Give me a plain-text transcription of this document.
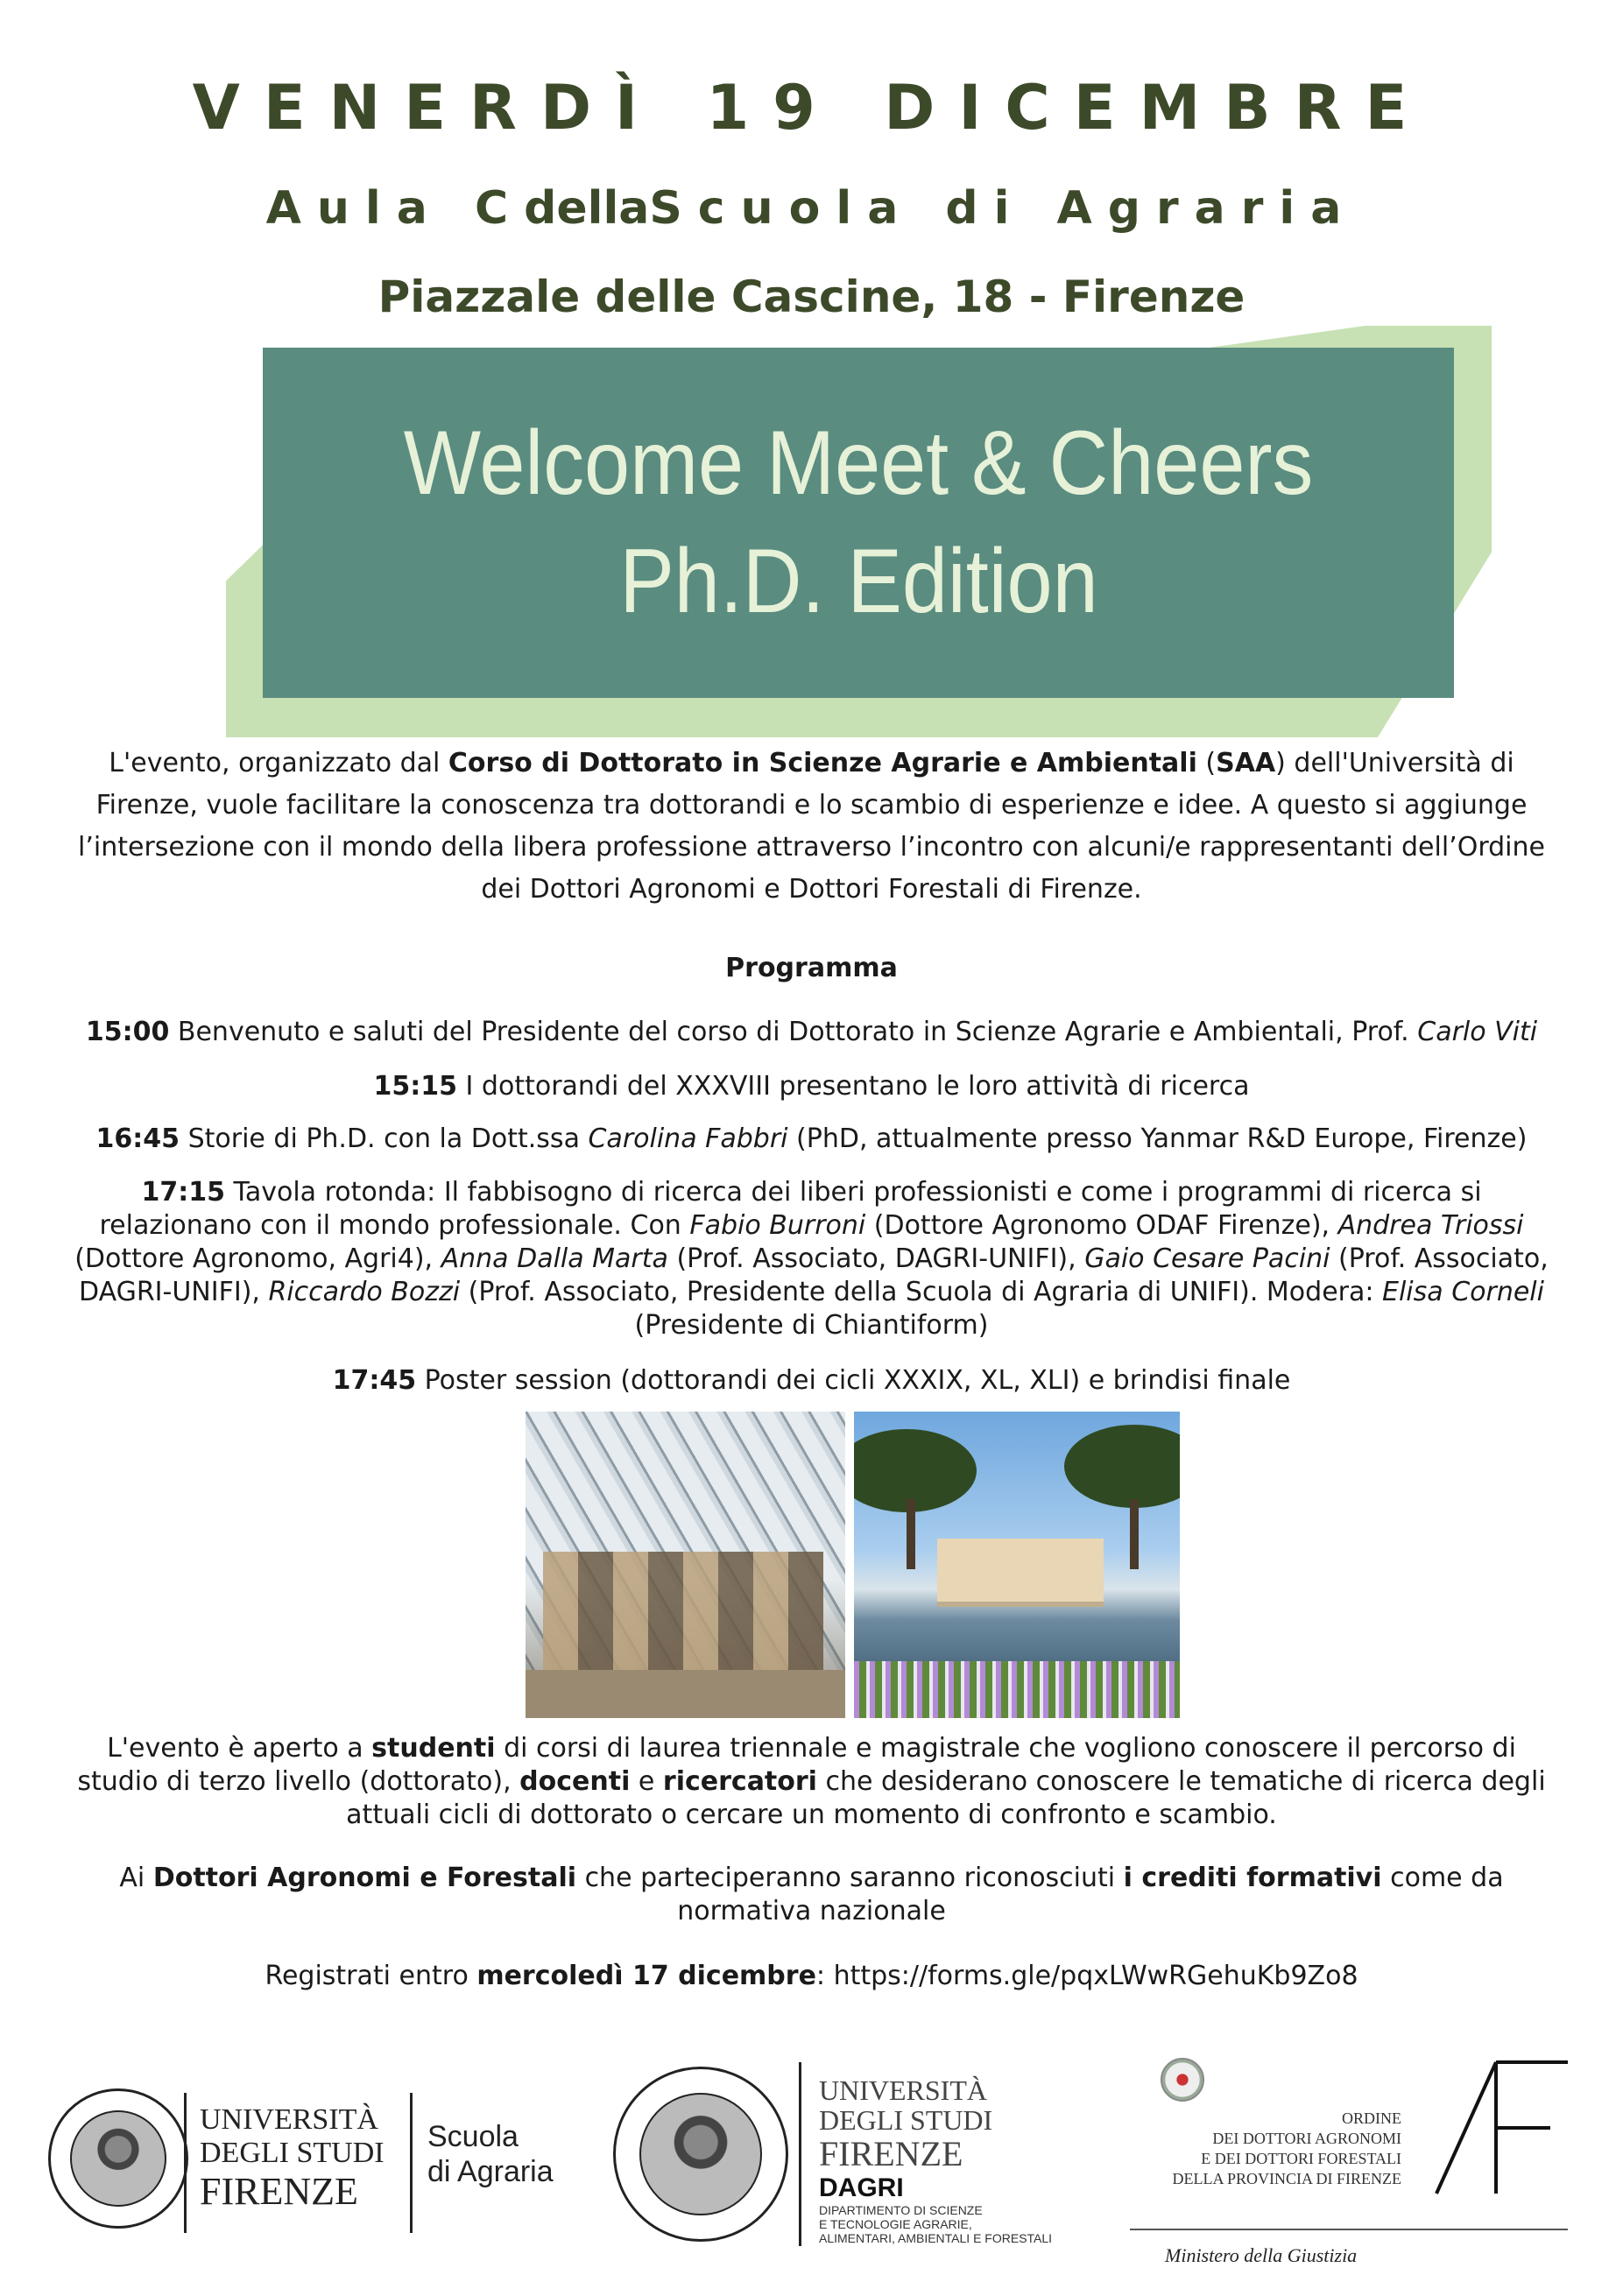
VENERDÌ 19 DICEMBRE
Aula CdellaScuola di Agraria
Piazzale delle Cascine, 18 - Firenze
Welcome Meet & Cheers
Ph.D. Edition
L'evento, organizzato dal Corso di Dottorato in Scienze Agrarie e Ambientali (SAA) dell'Università di Firenze, vuole facilitare la conoscenza tra dottorandi e lo scambio di esperienze e idee. A questo si aggiunge l’intersezione con il mondo della libera professione attraverso l’incontro con alcuni/e rappresentanti dell’Ordine dei Dottori Agronomi e Dottori Forestali di Firenze.
Programma
15:00 Benvenuto e saluti del Presidente del corso di Dottorato in Scienze Agrarie e Ambientali, Prof. Carlo Viti
15:15 I dottorandi del XXXVIII presentano le loro attività di ricerca
16:45 Storie di Ph.D. con la Dott.ssa Carolina Fabbri (PhD, attualmente presso Yanmar R&D Europe, Firenze)
17:15 Tavola rotonda: Il fabbisogno di ricerca dei liberi professionisti e come i programmi di ricerca si relazionano con il mondo professionale. Con Fabio Burroni (Dottore Agronomo ODAF Firenze), Andrea Triossi (Dottore Agronomo, Agri4), Anna Dalla Marta (Prof. Associato, DAGRI-UNIFI), Gaio Cesare Pacini (Prof. Associato, DAGRI-UNIFI), Riccardo Bozzi (Prof. Associato, Presidente della Scuola di Agraria di UNIFI). Modera: Elisa Corneli (Presidente di Chiantiform)
17:45 Poster session (dottorandi dei cicli XXXIX, XL, XLI) e brindisi finale
L'evento è aperto a studenti di corsi di laurea triennale e magistrale che vogliono conoscere il percorso di studio di terzo livello (dottorato), docenti e ricercatori che desiderano conoscere le tematiche di ricerca degli attuali cicli di dottorato o cercare un momento di confronto e scambio.
Ai Dottori Agronomi e Forestali che parteciperanno saranno riconosciuti i crediti formativi come da normativa nazionale
Registrati entro mercoledì 17 dicembre: https://forms.gle/pqxLWwRGehuKb9Zo8
UNIVERSITÀ
DEGLI STUDI
FIRENZE
Scuola
di Agraria
UNIVERSITÀ
DEGLI STUDI
FIRENZE
DAGRI
DIPARTIMENTO DI SCIENZE
E TECNOLOGIE AGRARIE,
ALIMENTARI, AMBIENTALI E FORESTALI
ORDINE
DEI DOTTORI AGRONOMI
E DEI DOTTORI FORESTALI
DELLA PROVINCIA DI FIRENZE
Ministero della Giustizia
